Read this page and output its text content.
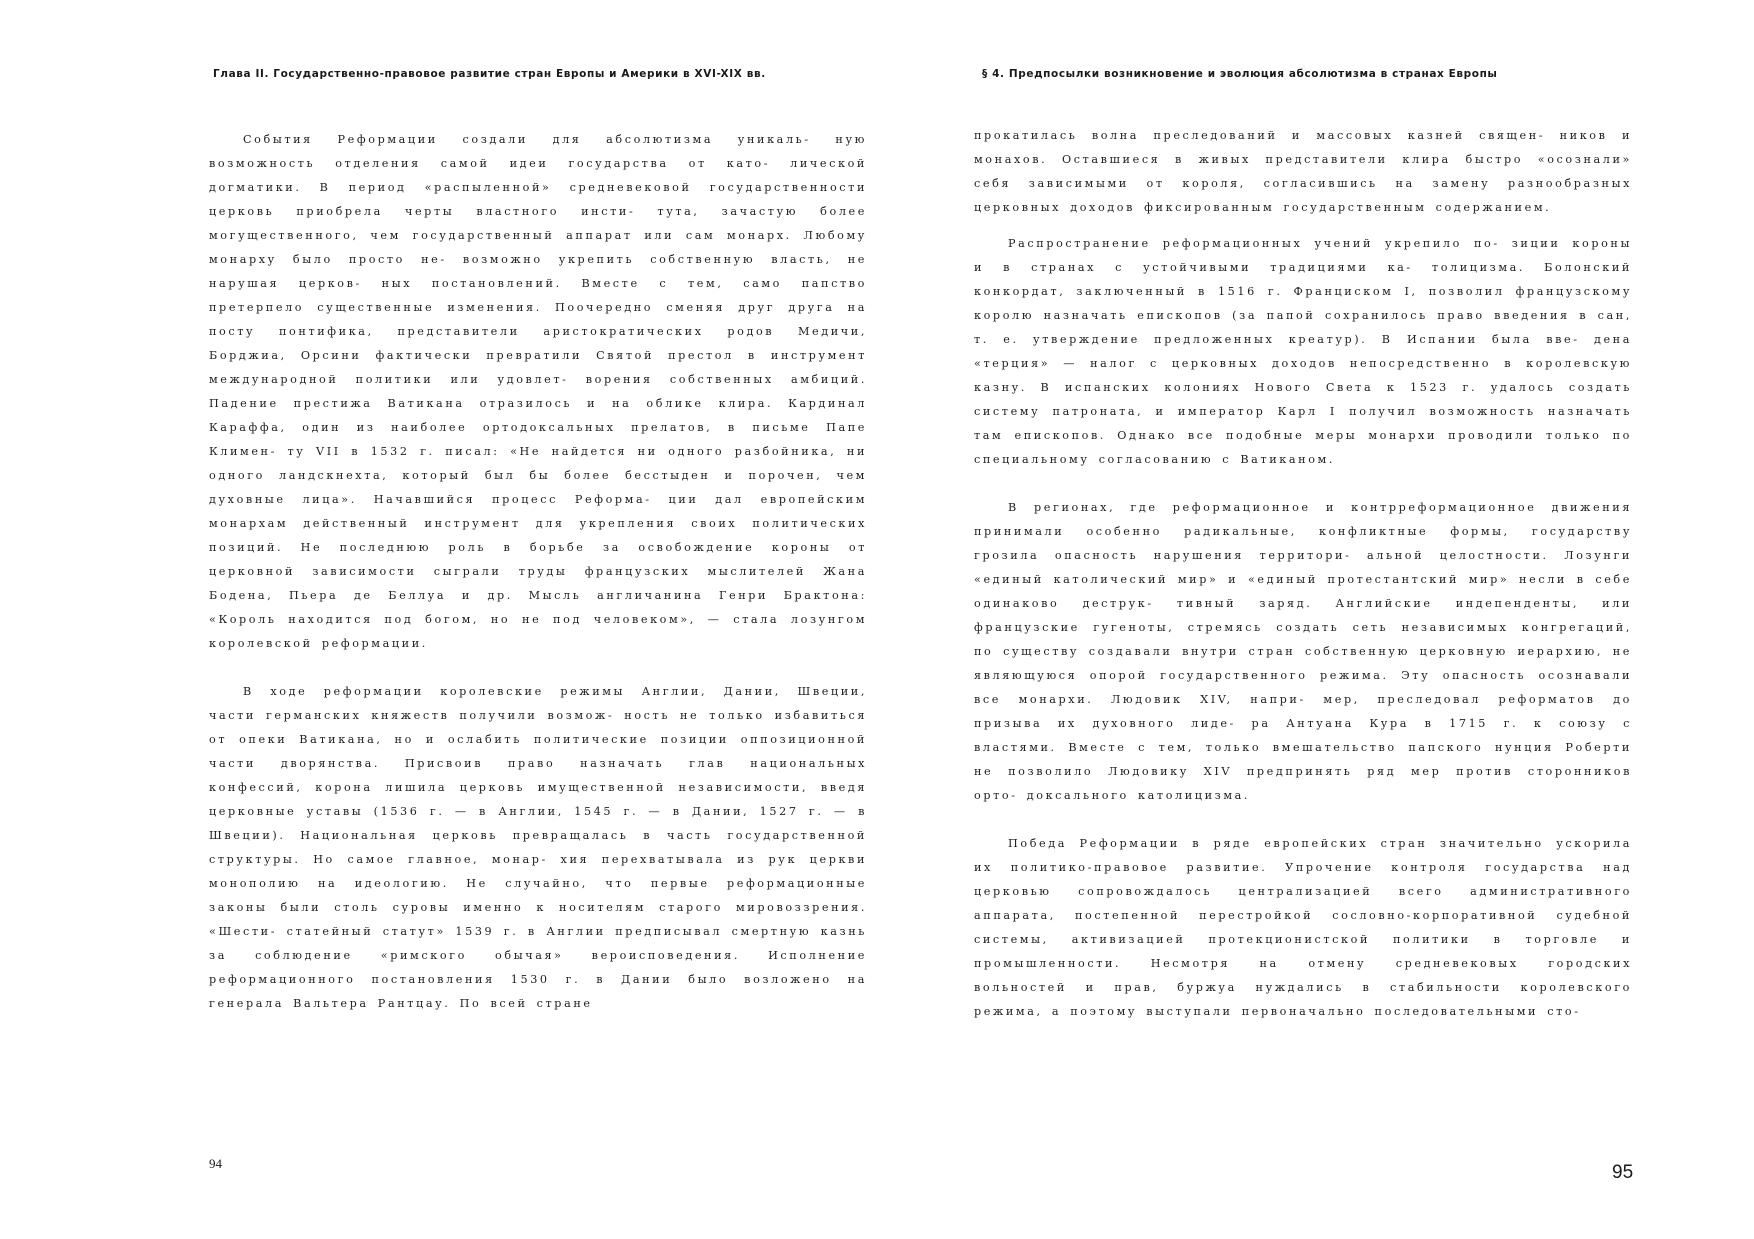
Глава II. Государственно-правовое развитие стран Европы и Америки в XVI-XIX вв.

События Реформации создали для абсолютизма уникаль- ную возможность отделения самой идеи государства от като- лической догматики. В период «распыленной» средневековой государственности церковь приобрела черты властного инсти- тута, зачастую более могущественного, чем государственный аппарат или сам монарх. Любому монарху было просто не- возможно укрепить собственную власть, не нарушая церков- ных постановлений. Вместе с тем, само папство претерпело существенные изменения. Поочередно сменяя друг друга на посту понтифика, представители аристократических родов Медичи, Борджиа, Орсини фактически превратили Святой престол в инструмент международной политики или удовлет- ворения собственных амбиций. Падение престижа Ватикана отразилось и на облике клира. Кардинал Караффа, один из наиболее ортодоксальных прелатов, в письме Папе Климен- ту VII в 1532 г. писал: «Не найдется ни одного разбойника, ни одного ландскнехта, который был бы более бесстыден и порочен, чем духовные лица». Начавшийся процесс Реформа- ции дал европейским монархам действенный инструмент для укрепления своих политических позиций. Не последнюю роль в борьбе за освобождение короны от церковной зависимости сыграли труды французских мыслителей Жана Бодена, Пьера де Беллуа и др. Мысль англичанина Генри Брактона: «Король находится под богом, но не под человеком», — стала лозунгом королевской реформации.

В ходе реформации королевские режимы Англии, Дании, Швеции, части германских княжеств получили возмож- ность не только избавиться от опеки Ватикана, но и ослабить политические позиции оппозиционной части дворянства. Присвоив право назначать глав национальных конфессий, корона лишила церковь имущественной независимости, введя церковные уставы (1536 г. — в Англии, 1545 г. — в Дании, 1527 г. — в Швеции). Национальная церковь превращалась в часть государственной структуры. Но самое главное, монар- хия перехватывала из рук церкви монополию на идеологию. Не случайно, что первые реформационные законы были столь суровы именно к носителям старого мировоззрения. «Шести- статейный статут» 1539 г. в Англии предписывал смертную казнь за соблюдение «римского обычая» вероисповедения. Исполнение реформационного постановления 1530 г. в Дании было возложено на генерала Вальтера Рантцау. По всей стране

94
§ 4. Предпосылки возникновение и эволюция абсолютизма в странах Европы

прокатилась волна преследований и массовых казней священ- ников и монахов. Оставшиеся в живых представители клира быстро «осознали» себя зависимыми от короля, согласившись на замену разнообразных церковных доходов фиксированным государственным содержанием.

Распространение реформационных учений укрепило по- зиции короны и в странах с устойчивыми традициями ка- толицизма. Болонский конкордат, заключенный в 1516 г. Франциском I, позволил французскому королю назначать епископов (за папой сохранилось право введения в сан, т. е. утверждение предложенных креатур). В Испании была вве- дена «терция» — налог с церковных доходов непосредственно в королевскую казну. В испанских колониях Нового Света к 1523 г. удалось создать систему патроната, и император Карл I получил возможность назначать там епископов. Однако все подобные меры монархи проводили только по специальному согласованию с Ватиканом.

В регионах, где реформационное и контрреформационное движения принимали особенно радикальные, конфликтные формы, государству грозила опасность нарушения территори- альной целостности. Лозунги «единый католический мир» и «единый протестантский мир» несли в себе одинаково деструк- тивный заряд. Английские индепенденты, или французские гугеноты, стремясь создать сеть независимых конгрегаций, по существу создавали внутри стран собственную церковную иерархию, не являющуюся опорой государственного режима. Эту опасность осознавали все монархи. Людовик XIV, напри- мер, преследовал реформатов до призыва их духовного лиде- ра Антуана Кура в 1715 г. к союзу с властями. Вместе с тем, только вмешательство папского нунция Роберти не позволило Людовику XIV предпринять ряд мер против сторонников орто- доксального католицизма.

Победа Реформации в ряде европейских стран значительно ускорила их политико-правовое развитие. Упрочение контроля государства над церковью сопровождалось централизацией всего административного аппарата, постепенной перестройкой сословно-корпоративной судебной системы, активизацией протекционистской политики в торговле и промышленности. Несмотря на отмену средневековых городских вольностей и прав, буржуа нуждались в стабильности королевского режима, а поэтому выступали первоначально последовательными сто-

95
